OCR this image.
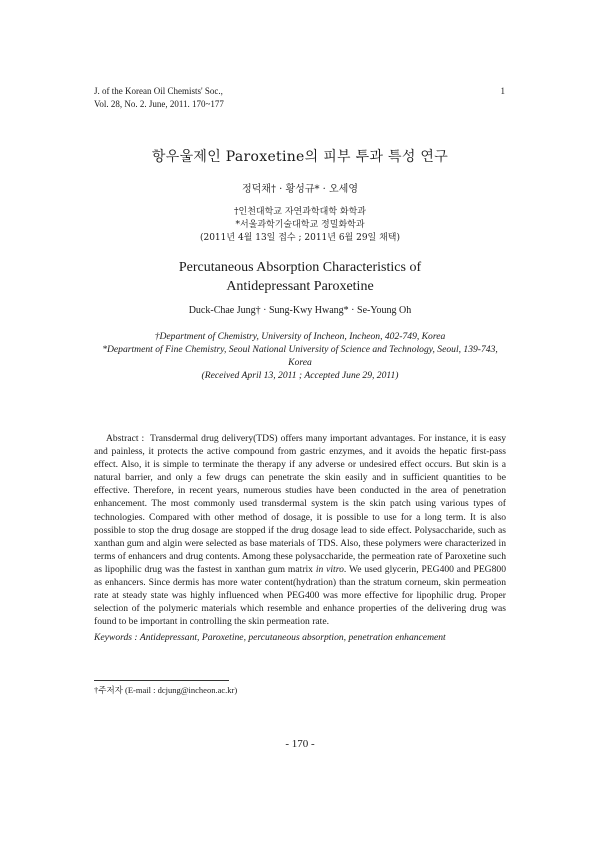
J. of the Korean Oil Chemists' Soc.,
Vol. 28, No. 2. June, 2011. 170~177
1
항우울제인 Paroxetine의 피부 투과 특성 연구
정덕채† · 황성규* · 오세영
†인천대학교 자연과학대학 화학과
*서울과학기술대학교 정밀화학과
(2011년 4월 13일 접수 ; 2011년 6월 29일 채택)
Percutaneous Absorption Characteristics of
Antidepressant Paroxetine
Duck-Chae Jung† · Sung-Kwy Hwang* · Se-Young Oh
†Department of Chemistry, University of Incheon, Incheon, 402-749, Korea
*Department of Fine Chemistry, Seoul National University of Science and Technology, Seoul, 139-743, Korea
(Received April 13, 2011 ; Accepted June 29, 2011)
Abstract : Transdermal drug delivery(TDS) offers many important advantages. For instance, it is easy and painless, it protects the active compound from gastric enzymes, and it avoids the hepatic first-pass effect. Also, it is simple to terminate the therapy if any adverse or undesired effect occurs. But skin is a natural barrier, and only a few drugs can penetrate the skin easily and in sufficient quantities to be effective. Therefore, in recent years, numerous studies have been conducted in the area of penetration enhancement. The most commonly used transdermal system is the skin patch using various types of technologies. Compared with other method of dosage, it is possible to use for a long term. It is also possible to stop the drug dosage are stopped if the drug dosage lead to side effect. Polysaccharide, such as xanthan gum and algin were selected as base materials of TDS. Also, these polymers were characterized in terms of enhancers and drug contents. Among these polysaccharide, the permeation rate of Paroxetine such as lipophilic drug was the fastest in xanthan gum matrix in vitro. We used glycerin, PEG400 and PEG800 as enhancers. Since dermis has more water content(hydration) than the stratum corneum, skin permeation rate at steady state was highly influenced when PEG400 was more effective for lipophilic drug. Proper selection of the polymeric materials which resemble and enhance properties of the delivering drug was found to be important in controlling the skin permeation rate.
Keywords : Antidepressant, Paroxetine, percutaneous absorption, penetration enhancement
†주저자 (E-mail : dcjung@incheon.ac.kr)
- 170 -
